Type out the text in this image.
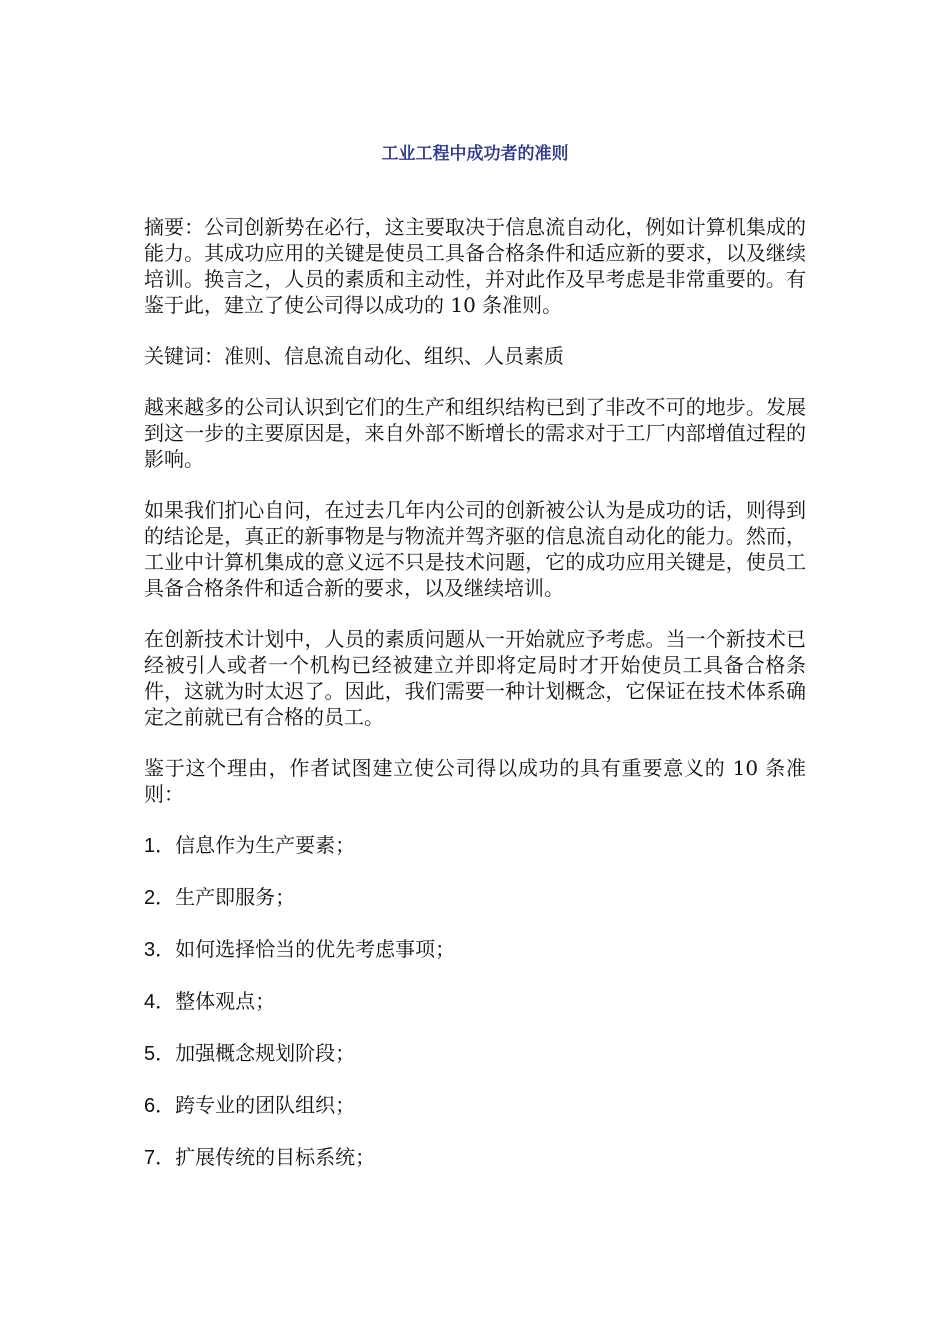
工业工程中成功者的准则

摘要：公司创新势在必行，这主要取决于信息流自动化，例如计算机集成的能力。其成功应用的关键是使员工具备合格条件和适应新的要求，以及继续培训。换言之，人员的素质和主动性，并对此作及早考虑是非常重要的。有鉴于此，建立了使公司得以成功的 10 条准则。

关键词：准则、信息流自动化、组织、人员素质

越来越多的公司认识到它们的生产和组织结构已到了非改不可的地步。发展到这一步的主要原因是，来自外部不断增长的需求对于工厂内部增值过程的影响。

如果我们扪心自问，在过去几年内公司的创新被公认为是成功的话，则得到的结论是，真正的新事物是与物流并驾齐驱的信息流自动化的能力。然而，工业中计算机集成的意义远不只是技术问题，它的成功应用关键是，使员工具备合格条件和适合新的要求，以及继续培训。

在创新技术计划中，人员的素质问题从一开始就应予考虑。当一个新技术已经被引人或者一个机构已经被建立并即将定局时才开始使员工具备合格条件，这就为时太迟了。因此，我们需要一种计划概念，它保证在技术体系确定之前就已有合格的员工。

鉴于这个理由，作者试图建立使公司得以成功的具有重要意义的 10 条准则：

1．信息作为生产要素；
2．生产即服务；
3．如何选择恰当的优先考虑事项；
4．整体观点；
5．加强概念规划阶段；
6．跨专业的团队组织；
7．扩展传统的目标系统；
